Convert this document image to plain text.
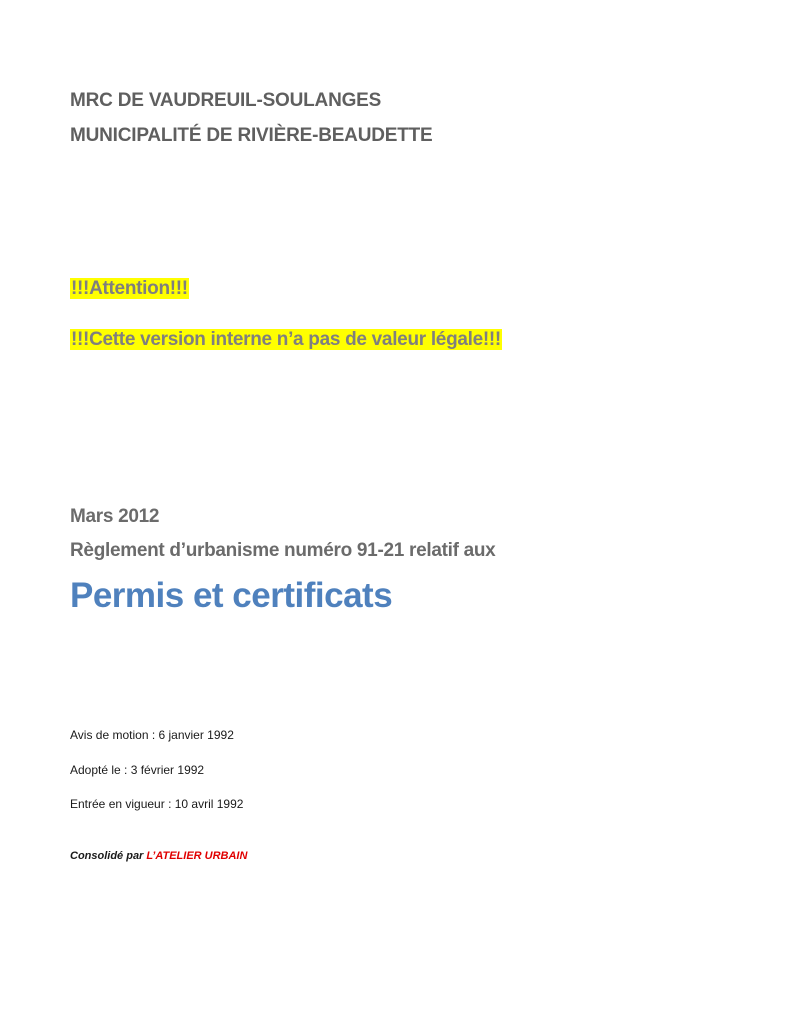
MRC DE VAUDREUIL-SOULANGES
MUNICIPALITÉ DE RIVIÈRE-BEAUDETTE
!!!Attention!!!
!!!Cette version interne n’a pas de valeur légale!!!
Mars 2012
Règlement d’urbanisme numéro 91-21 relatif aux
Permis et certificats
Avis de motion : 6 janvier 1992
Adopté le : 3 février 1992
Entrée en vigueur : 10 avril 1992
Consolidé par L’ATELIER URBAIN
